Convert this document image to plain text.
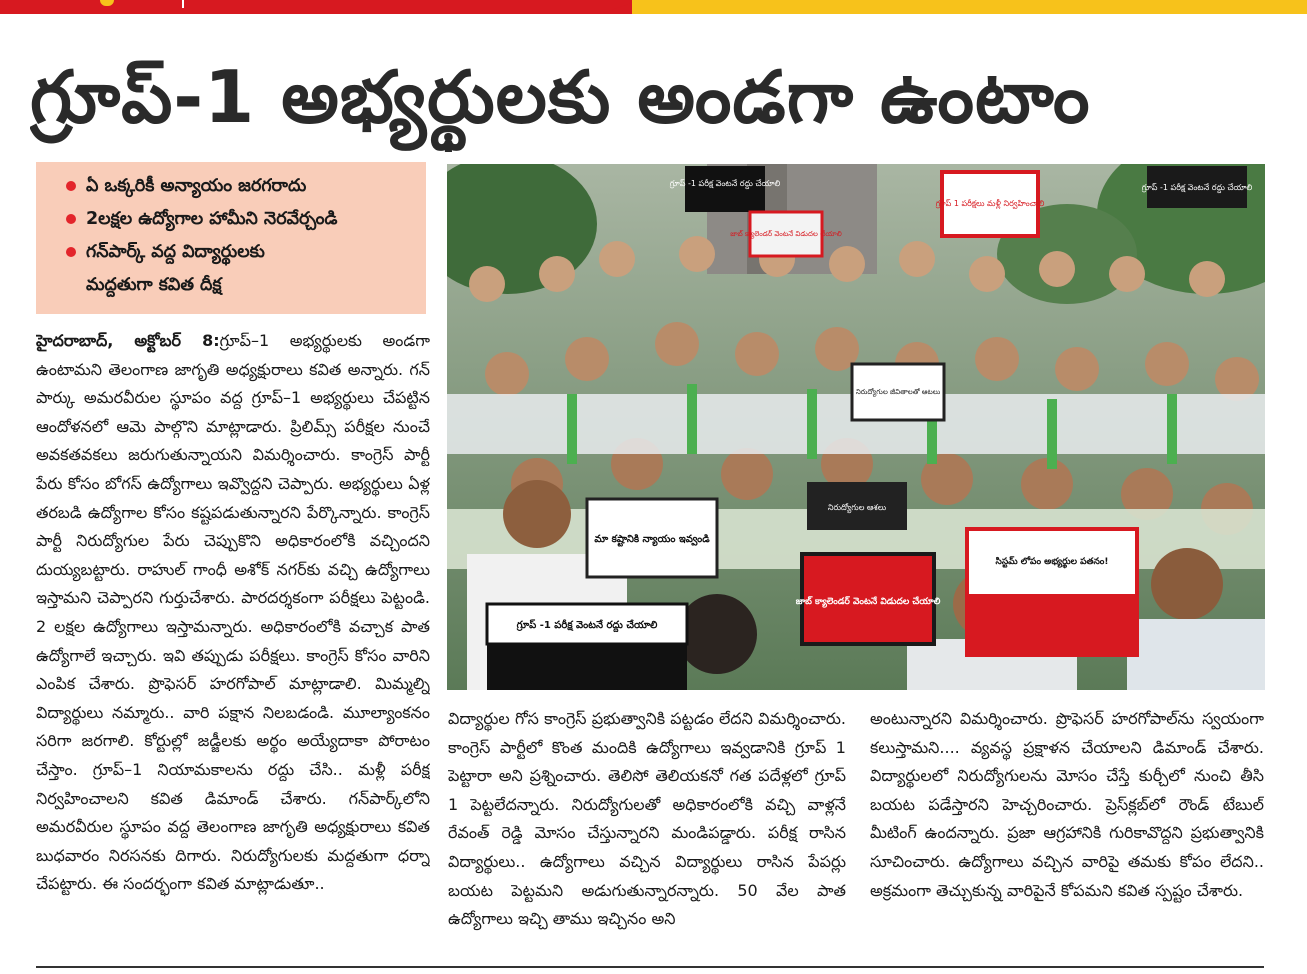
గ్రూప్-1 అభ్యర్థులకు అండగా ఉంటాం
ఏ ఒక్కరికీ అన్యాయం జరగరాదు
2లక్షల ఉద్యోగాల హామీని నెరవేర్చండి
గన్‌పార్క్ వద్ద విద్యార్థులకు
మద్దతుగా కవిత దీక్ష

హైదరాబాద్, అక్టోబర్ 8:గ్రూప్–1 అభ్యర్థులకు అండగా ఉంటామని తెలంగాణ జాగృతి అధ్యక్షురాలు కవిత అన్నారు. గన్ పార్కు అమరవీరుల స్థూపం వద్ద గ్రూప్–1 అభ్యర్థులు చేపట్టిన ఆందోళనలో ఆమె పాల్గొని మాట్లాడారు. ప్రిలిమ్స్ పరీక్షల నుంచే అవకతవకలు జరుగుతున్నాయని విమర్శించారు. కాంగ్రెస్ పార్టీ పేరు కోసం బోగస్ ఉద్యోగాలు ఇవ్వొద్దని చెప్పారు. అభ్యర్థులు ఏళ్ల తరబడి ఉద్యోగాల కోసం కష్టపడుతున్నారని పేర్కొన్నారు. కాంగ్రెస్ పార్టీ నిరుద్యోగుల పేరు చెప్పుకొని అధికారంలోకి వచ్చిందని దుయ్యబట్టారు. రాహుల్ గాంధీ అశోక్ నగర్‌కు వచ్చి ఉద్యోగాలు ఇస్తామని చెప్పారని గుర్తుచేశారు. పారదర్శకంగా పరీక్షలు పెట్టండి. 2 లక్షల ఉద్యోగాలు ఇస్తామన్నారు. అధికారంలోకి వచ్చాక పాత ఉద్యోగాలే ఇచ్చారు. ఇవి తప్పుడు పరీక్షలు. కాంగ్రెస్ కోసం వారిని ఎంపిక చేశారు. ప్రొఫెసర్ హరగోపాల్ మాట్లాడాలి. మిమ్మల్ని విద్యార్థులు నమ్మారు.. వారి పక్షాన నిలబడండి. మూల్యాంకనం సరిగా జరగాలి. కోర్టుల్లో జడ్జీలకు అర్థం అయ్యేదాకా పోరాటం చేస్తాం. గ్రూప్–1 నియామకాలను రద్దు చేసి.. మళ్లీ పరీక్ష నిర్వహించాలని కవిత డిమాండ్ చేశారు. గన్‌పార్క్‌లోని అమరవీరుల స్థూపం వద్ద తెలంగాణ జాగృతి అధ్యక్షురాలు కవిత బుధవారం నిరసనకు దిగారు. నిరుద్యోగులకు మద్దతుగా ధర్నా చేపట్టారు. ఈ సందర్భంగా కవిత మాట్లాడుతూ..

గ్రూప్ -1 పరీక్ష వెంటనే రద్దు చేయాలి
జాబ్ క్యాలెండర్ వెంటనే విడుదల చేయాలి
గ్రూప్ 1 పరీక్షలు మళ్లీ నిర్వహించాలి
గ్రూప్ -1 పరీక్ష వెంటనే రద్దు చేయాలి
నిరుద్యోగుల జీవితాలతో ఆటలు
మా కష్టానికి న్యాయం ఇవ్వండి
నిరుద్యోగుల ఆశలు
జాబ్ క్యాలెండర్ వెంటనే విడుదల చేయాలి
సిస్టమ్ లోపం అభ్యర్థుల పతనం!
గ్రూప్ -1 పరీక్ష వెంటనే రద్దు చేయాలి

విద్యార్థుల గోస కాంగ్రెస్ ప్రభుత్వానికి పట్టడం లేదని విమర్శించారు. కాంగ్రెస్ పార్టీలో కొంత మందికి ఉద్యోగాలు ఇవ్వడానికి గ్రూప్ 1 పెట్టారా అని ప్రశ్నించారు. తెలిసో తెలియకనో గత పదేళ్లలో గ్రూప్ 1 పెట్టలేదన్నారు. నిరుద్యోగులతో అధికారంలోకి వచ్చి వాళ్లనే రేవంత్ రెడ్డి మోసం చేస్తున్నారని మండిపడ్డారు. పరీక్ష రాసిన విద్యార్థులు.. ఉద్యోగాలు వచ్చిన విద్యార్థులు రాసిన పేపర్లు బయట పెట్టమని అడుగుతున్నారన్నారు. 50 వేల పాత ఉద్యోగాలు ఇచ్చి తాము ఇచ్చినం అని

అంటున్నారని విమర్శించారు. ప్రొఫెసర్ హరగోపాల్‌ను స్వయంగా కలుస్తామని.... వ్యవస్థ ప్రక్షాళన చేయాలని డిమాండ్ చేశారు. విద్యార్థులలో నిరుద్యోగులను మోసం చేస్తే కుర్చీలో నుంచి తీసి బయట పడేస్తారని హెచ్చరించారు. ప్రెస్‌క్లబ్‌లో రౌండ్ టేబుల్ మీటింగ్ ఉందన్నారు. ప్రజా ఆగ్రహానికి గురికావొద్దని ప్రభుత్వానికి సూచించారు. ఉద్యోగాలు వచ్చిన వారిపై తమకు కోపం లేదని.. అక్రమంగా తెచ్చుకున్న వారిపైనే కోపమని కవిత స్పష్టం చేశారు.
